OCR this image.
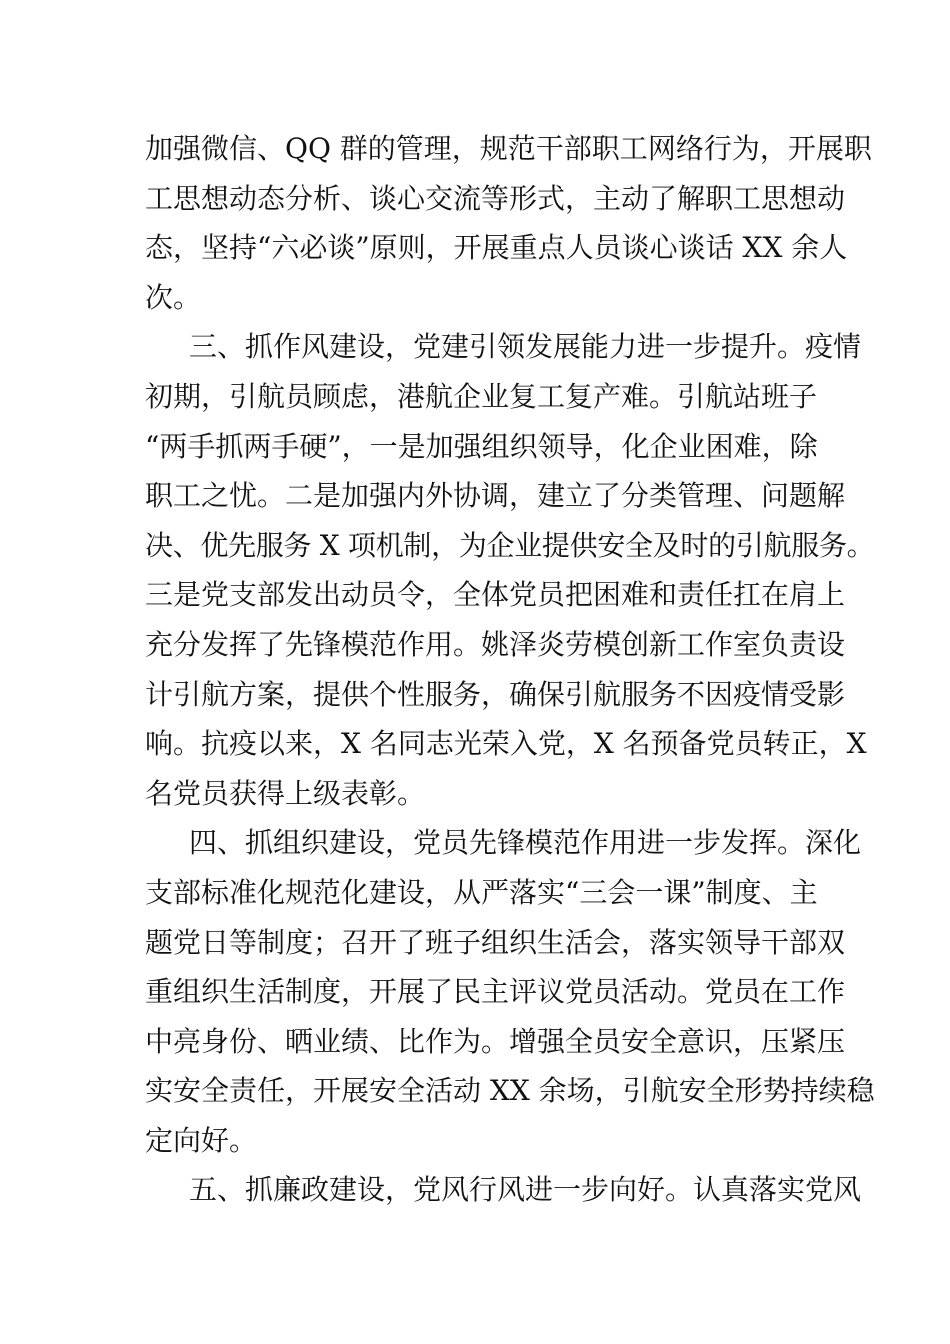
加强微信、QQ 群的管理，规范干部职工网络行为，开展职
工思想动态分析、谈心交流等形式，主动了解职工思想动
态，坚持“六必谈”原则，开展重点人员谈心谈话 XX 余人
次。
三、抓作风建设，党建引领发展能力进一步提升。疫情
初期，引航员顾虑，港航企业复工复产难。引航站班子
“两手抓两手硬”，一是加强组织领导，化企业困难，除
职工之忧。二是加强内外协调，建立了分类管理、问题解
决、优先服务 X 项机制，为企业提供安全及时的引航服务。
三是党支部发出动员令，全体党员把困难和责任扛在肩上
充分发挥了先锋模范作用。姚泽炎劳模创新工作室负责设
计引航方案，提供个性服务，确保引航服务不因疫情受影
响。抗疫以来，X 名同志光荣入党，X 名预备党员转正，X
名党员获得上级表彰。
四、抓组织建设，党员先锋模范作用进一步发挥。深化
支部标准化规范化建设，从严落实“三会一课”制度、主
题党日等制度；召开了班子组织生活会，落实领导干部双
重组织生活制度，开展了民主评议党员活动。党员在工作
中亮身份、晒业绩、比作为。增强全员安全意识，压紧压
实安全责任，开展安全活动 XX 余场，引航安全形势持续稳
定向好。
五、抓廉政建设，党风行风进一步向好。认真落实党风
